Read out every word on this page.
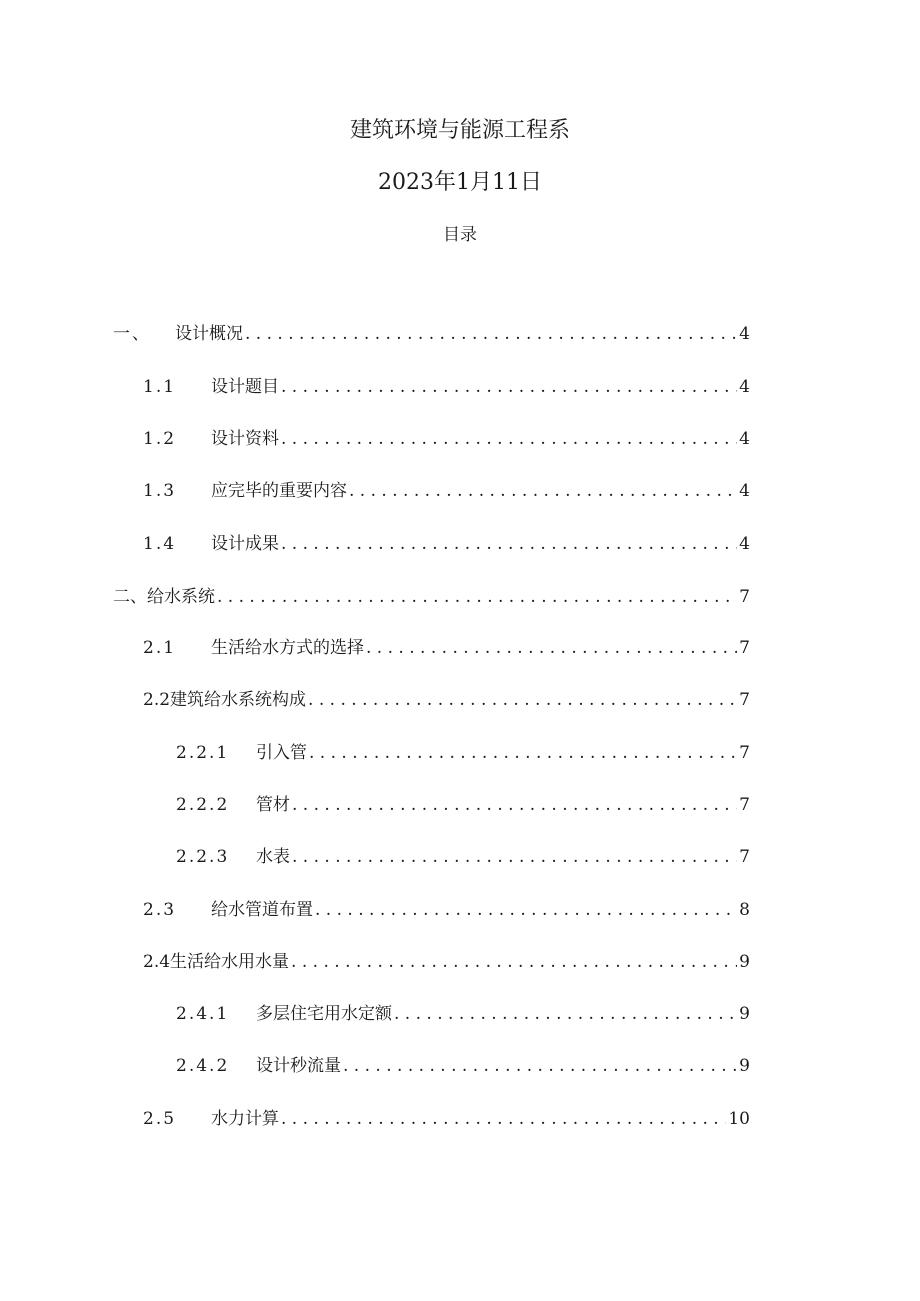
建筑环境与能源工程系
2023年1月11日
目录
一、	设计概况 . . .	4
1.1	设计题目 . . .	4
1.2	设计资料 . . .	4
1.3	应完毕的重要内容 . . .	4
1.4	设计成果 . . .	4
二、给水系统 . . .	7
2.1	生活给水方式的选择 . . .	7
2.2建筑给水系统构成 . . .	7
2.2.1	引入管 . . .	7
2.2.2	管材 . . .	7
2.2.3	水表 . . .	7
2.3	给水管道布置 . . .	8
2.4生活给水用水量 . . .	9
2.4.1	多层住宅用水定额 . . .	9
2.4.2	设计秒流量 . . .	9
2.5	水力计算 . . .	10
